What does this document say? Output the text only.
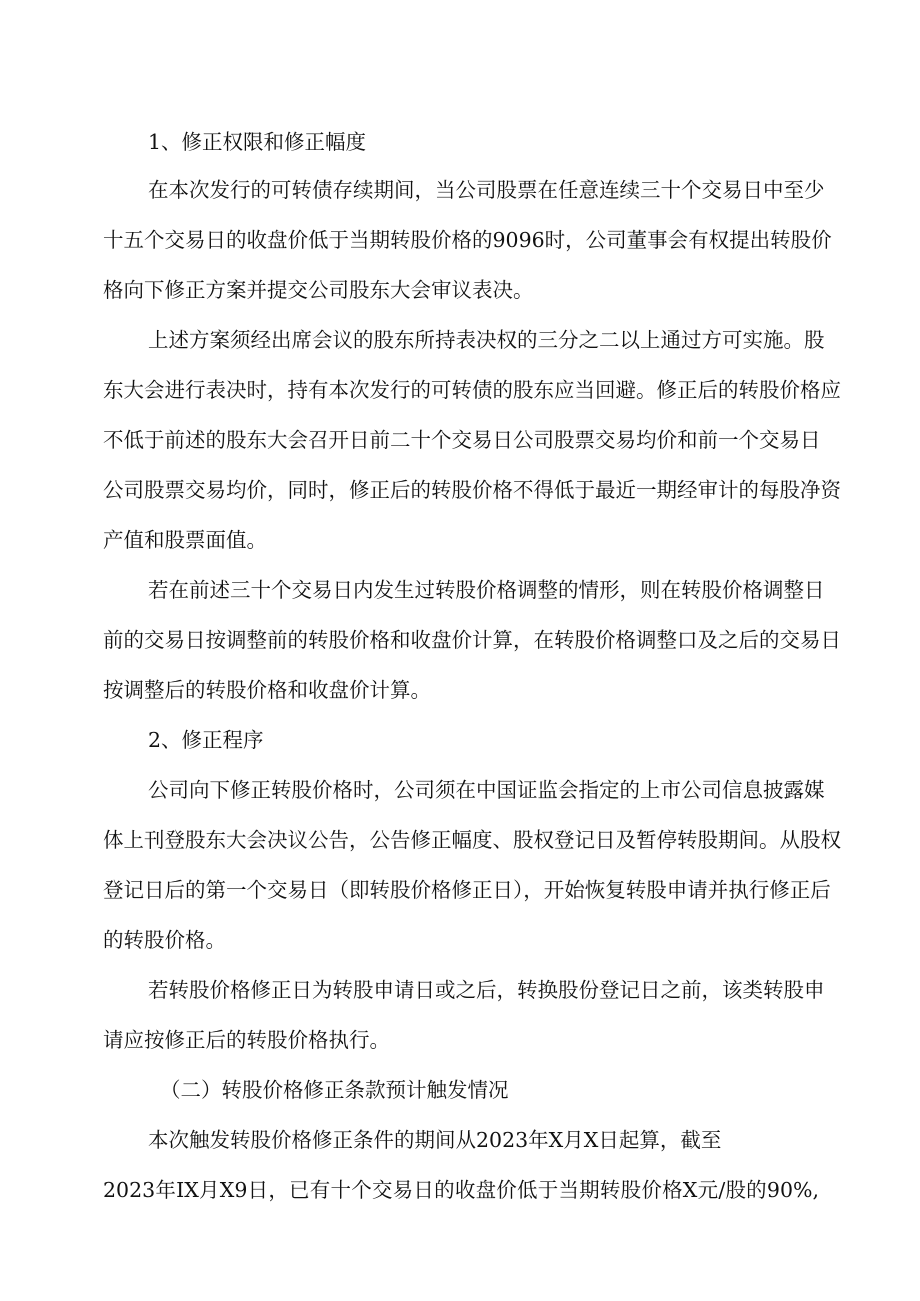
1、修正权限和修正幅度

在本次发行的可转债存续期间，当公司股票在任意连续三十个交易日中至少

十五个交易日的收盘价低于当期转股价格的9096时，公司董事会有权提出转股价

格向下修正方案并提交公司股东大会审议表决。

上述方案须经出席会议的股东所持表决权的三分之二以上通过方可实施。股

东大会进行表决时，持有本次发行的可转债的股东应当回避。修正后的转股价格应

不低于前述的股东大会召开日前二十个交易日公司股票交易均价和前一个交易日

公司股票交易均价，同时，修正后的转股价格不得低于最近一期经审计的每股净资

产值和股票面值。

若在前述三十个交易日内发生过转股价格调整的情形，则在转股价格调整日

前的交易日按调整前的转股价格和收盘价计算，在转股价格调整口及之后的交易日

按调整后的转股价格和收盘价计算。

2、修正程序

公司向下修正转股价格时，公司须在中国证监会指定的上市公司信息披露媒

体上刊登股东大会决议公告，公告修正幅度、股权登记日及暂停转股期间。从股权

登记日后的第一个交易日（即转股价格修正日），开始恢复转股申请并执行修正后

的转股价格。

若转股价格修正日为转股申请日或之后，转换股份登记日之前，该类转股申

请应按修正后的转股价格执行。

（二）转股价格修正条款预计触发情况

本次触发转股价格修正条件的期间从2023年X月X日起算，截至

2023年IX月X9日，已有十个交易日的收盘价低于当期转股价格X元/股的90%,
